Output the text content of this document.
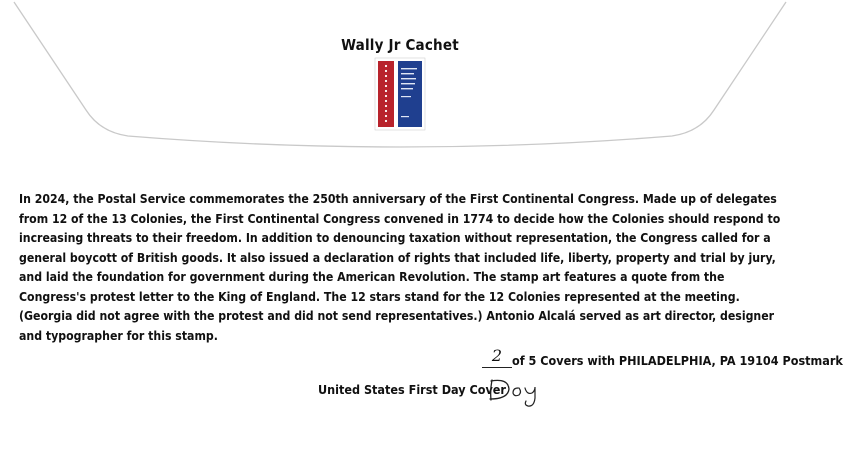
Wally Jr Cachet
In 2024, the Postal Service commemorates the 250th anniversary of the First Continental Congress. Made up of delegates from 12 of the 13 Colonies, the First Continental Congress convened in 1774 to decide how the Colonies should respond to increasing threats to their freedom. In addition to denouncing taxation without representation, the Congress called for a general boycott of British goods. It also issued a declaration of rights that included life, liberty, property and trial by jury, and laid the foundation for government during the American Revolution. The stamp art features a quote from the Congress's protest letter to the King of England. The 12 stars stand for the 12 Colonies represented at the meeting. (Georgia did not agree with the protest and did not send representatives.) Antonio Alcalá served as art director, designer and typographer for this stamp.
2 of 5 Covers with PHILADELPHIA, PA 19104 Postmark
United States First Day Cover
